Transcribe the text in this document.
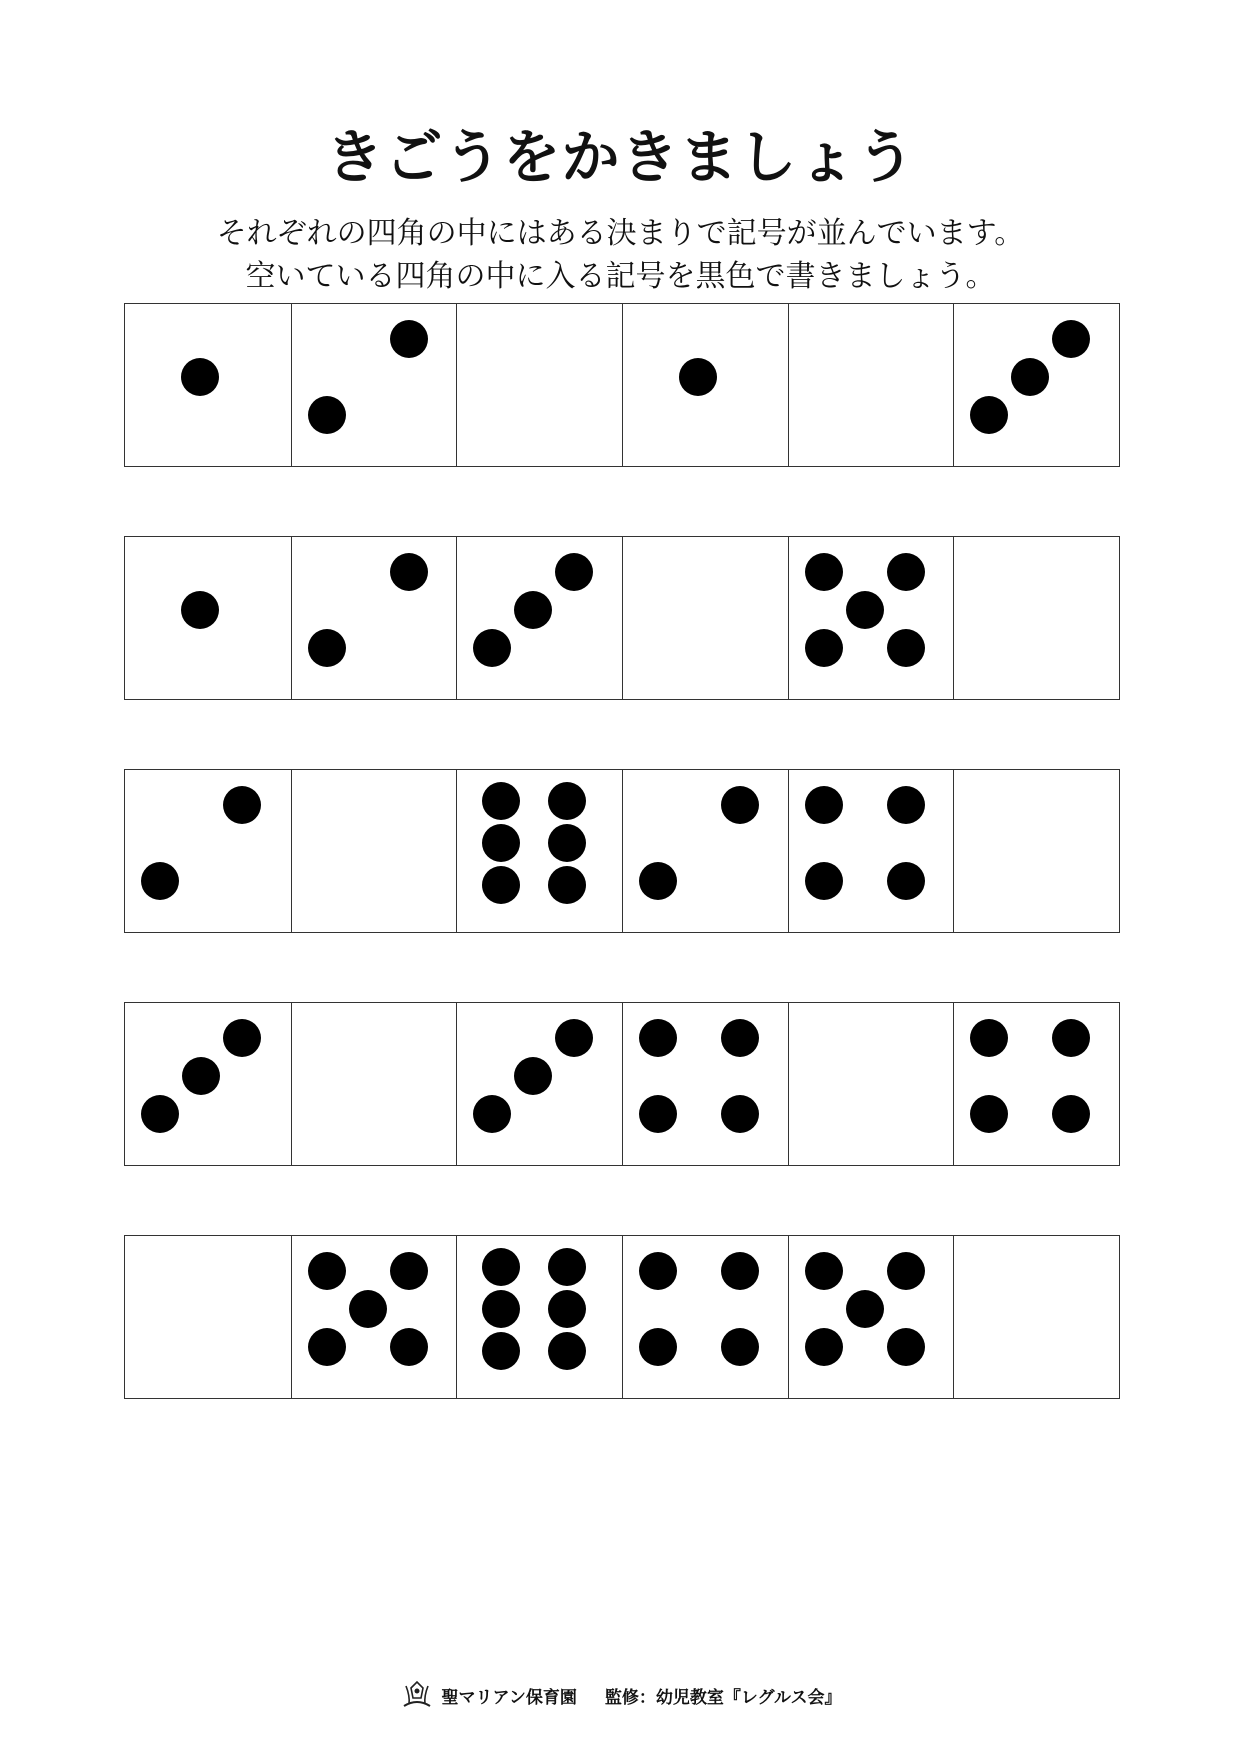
きごうをかきましょう
それぞれの四角の中にはある決まりで記号が並んでいます。
空いている四角の中に入る記号を黒色で書きましょう。
聖マリアン保育園 監修：幼児教室『レグルス会』
